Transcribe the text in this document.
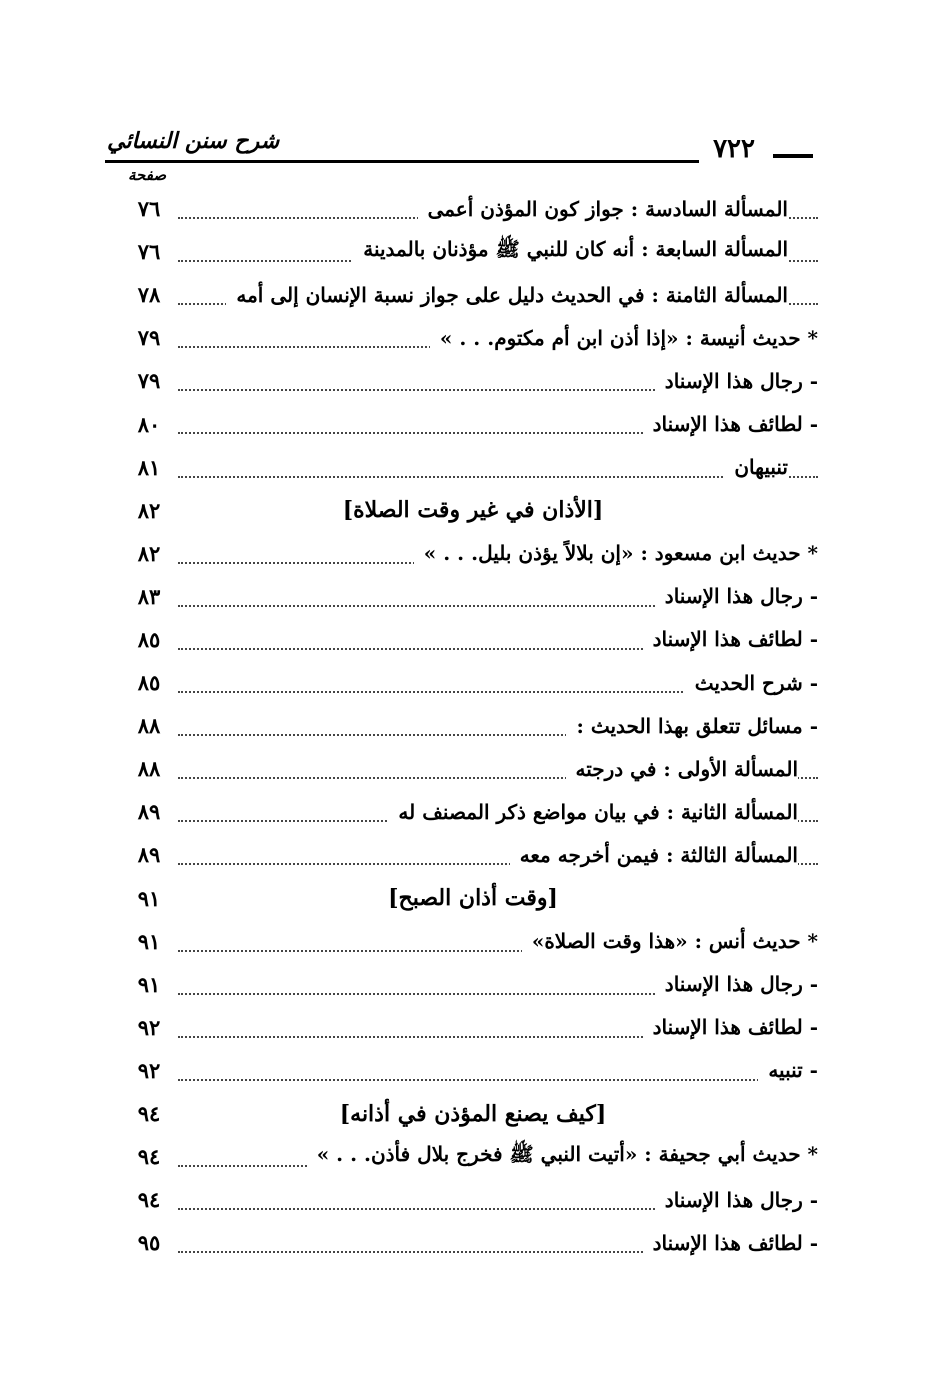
شرح سنن النسائي	٧٢٢
صفحة
المسألة السادسة : جواز كون المؤذن أعمى
٧٦
المسألة السابعة : أنه كان للنبي ﷺ مؤذنان بالمدينة
٧٦
المسألة الثامنة : في الحديث دليل على جواز نسبة الإنسان إلى أمه
٧٨
* حديث أنيسة : «إذا أذن ابن أم مكتوم. . . »
٧٩
- رجال هذا الإسناد
٧٩
- لطائف هذا الإسناد
٨٠
تنبيهان
٨١
[الأذان في غير وقت الصلاة]
٨٢
* حديث ابن مسعود : «إن بلالاً يؤذن بليل. . . »
٨٢
- رجال هذا الإسناد
٨٣
- لطائف هذا الإسناد
٨٥
- شرح الحديث
٨٥
- مسائل تتعلق بهذا الحديث :
٨٨
المسألة الأولى : في درجته
٨٨
المسألة الثانية : في بيان مواضع ذكر المصنف له
٨٩
المسألة الثالثة : فيمن أخرجه معه
٨٩
[وقت أذان الصبح]
٩١
* حديث أنس : «هذا وقت الصلاة»
٩١
- رجال هذا الإسناد
٩١
- لطائف هذا الإسناد
٩٢
- تنبيه
٩٢
[كيف يصنع المؤذن في أذانه]
٩٤
* حديث أبي جحيفة : «أتيت النبي ﷺ فخرج بلال فأذن. . . »
٩٤
- رجال هذا الإسناد
٩٤
- لطائف هذا الإسناد
٩٥
